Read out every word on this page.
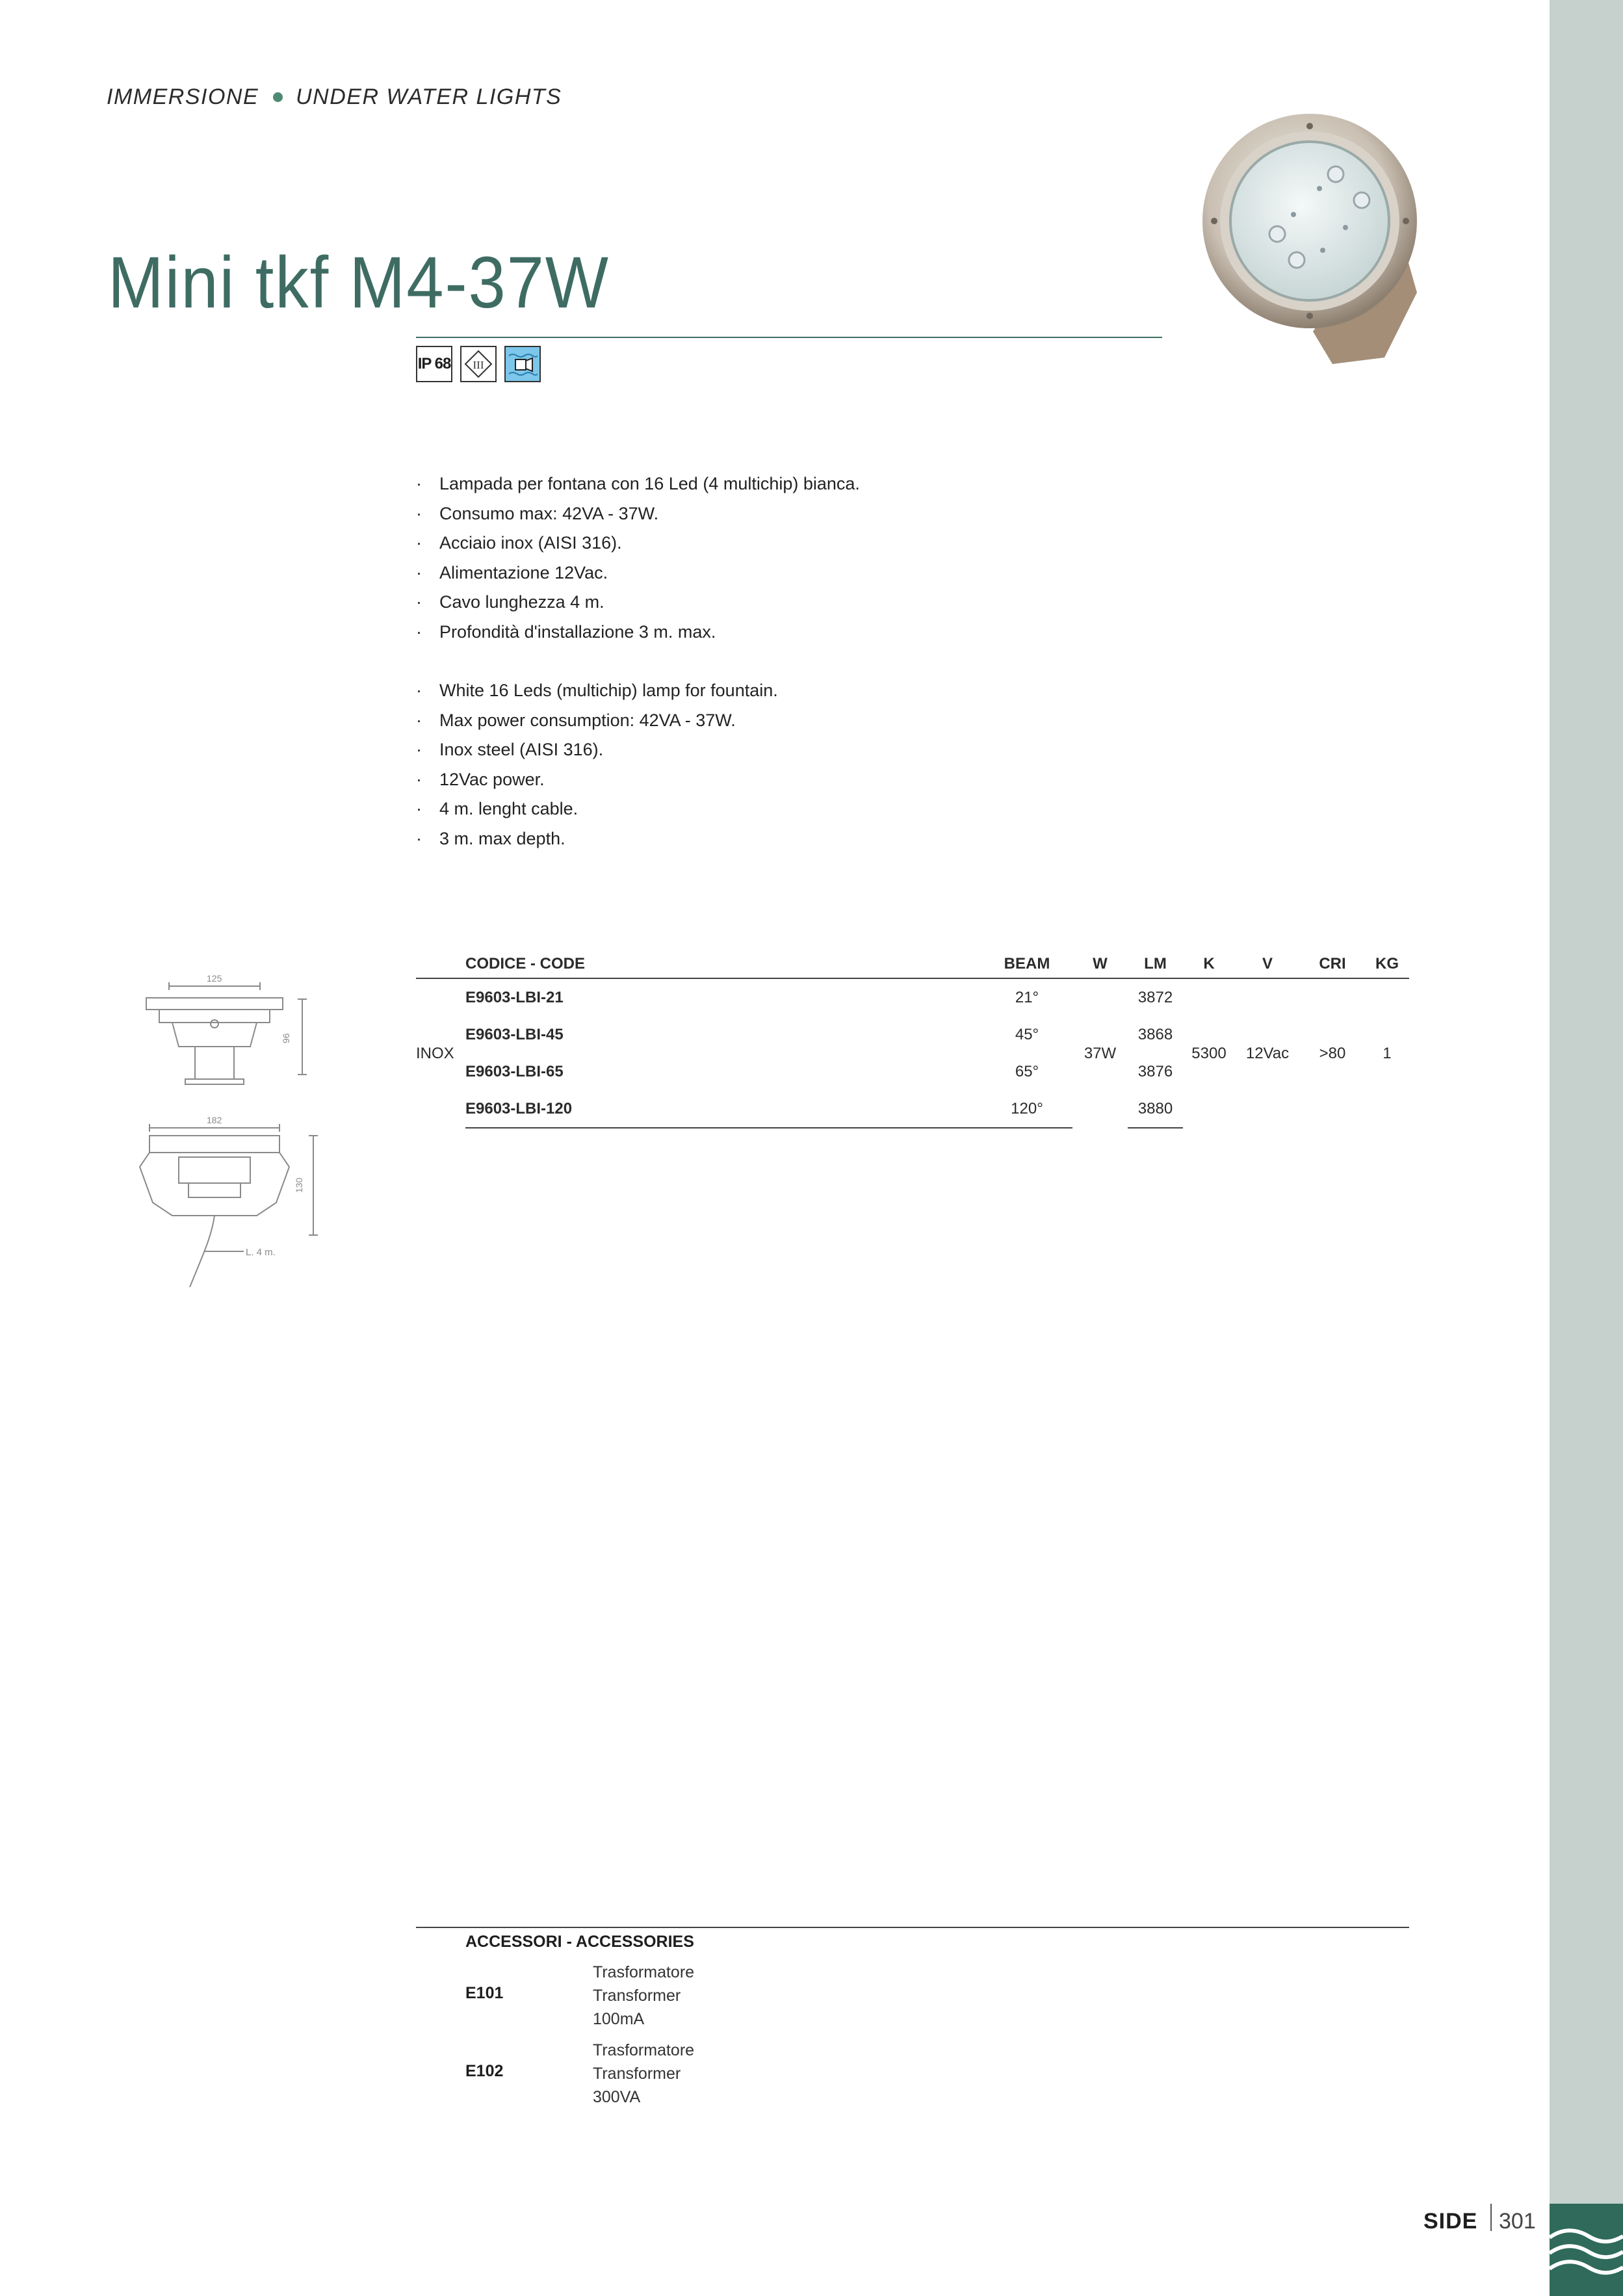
IMMERSIONE UNDER WATER LIGHTS
Mini tkf M4-37W
IP 68 III
· Lampada per fontana con 16 Led (4 multichip) bianca.
· Consumo max: 42VA - 37W.
· Acciaio inox (AISI 316).
· Alimentazione 12Vac.
· Cavo lunghezza 4 m.
· Profondità d'installazione 3 m. max.
· White 16 Leds (multichip) lamp for fountain.
· Max power consumption: 42VA - 37W.
· Inox steel (AISI 316).
· 12Vac power.
· 4 m. lenght cable.
· 3 m. max depth.
125
96
182
L. 4 m.
130
	CODICE - CODE	BEAM	W	LM	K	V	CRI	KG
INOX	E9603-LBI-21	21°	37W	3872	5300	12Vac	>80	1
	E9603-LBI-45	45°		3868				
	E9603-LBI-65	65°		3876				
	E9603-LBI-120	120°		3880				
ACCESSORI - ACCESSORIES
E101
Trasformatore
Transformer
100mA
E102
Trasformatore
Transformer
300VA
SIDE 301
